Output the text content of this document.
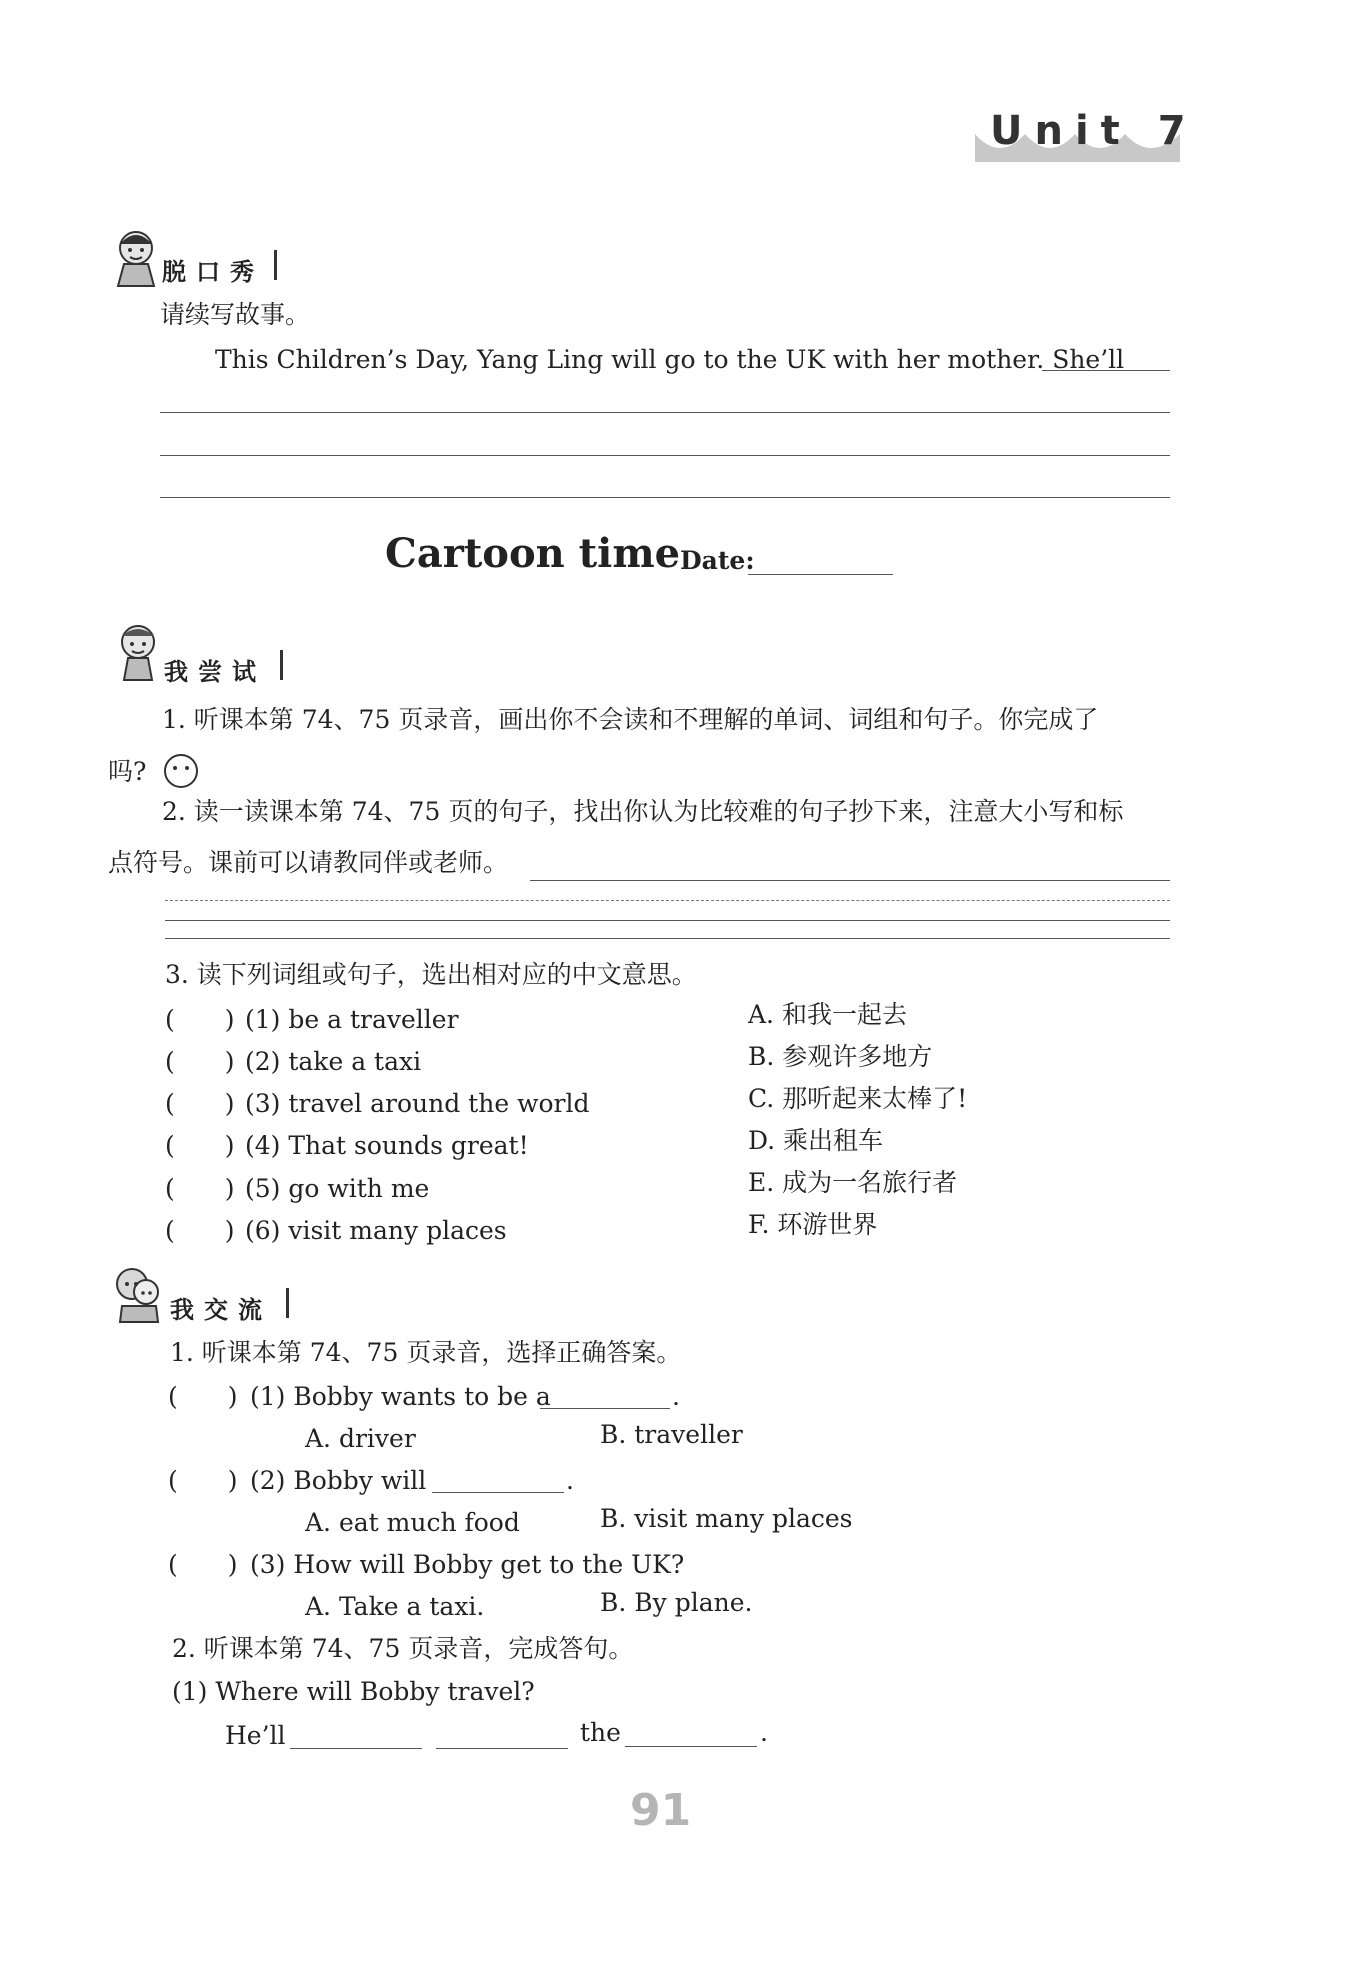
Unit 7
脱口秀
请续写故事。
This Children’s Day, Yang Ling will go to the UK with her mother. She’ll
Cartoon time Date:
我尝试
1. 听课本第 74、75 页录音，画出你不会读和不理解的单词、词组和句子。你完成了
吗?
2. 读一读课本第 74、75 页的句子，找出你认为比较难的句子抄下来，注意大小写和标
点符号。课前可以请教同伴或老师。
3. 读下列词组或句子，选出相对应的中文意思。
(　　) (1) be a traveller
(　　) (2) take a taxi
(　　) (3) travel around the world
(　　) (4) That sounds great!
(　　) (5) go with me
(　　) (6) visit many places
A. 和我一起去
B. 参观许多地方
C. 那听起来太棒了!
D. 乘出租车
E. 成为一名旅行者
F. 环游世界
我交流
1. 听课本第 74、75 页录音，选择正确答案。
(　　) (1) Bobby wants to be a	.
A. driver	B. traveller
(　　) (2) Bobby will	.
A. eat much food	B. visit many places
(　　) (3) How will Bobby get to the UK?
A. Take a taxi.	B. By plane.
2. 听课本第 74、75 页录音，完成答句。
(1) Where will Bobby travel?
He’ll	the	.
91
